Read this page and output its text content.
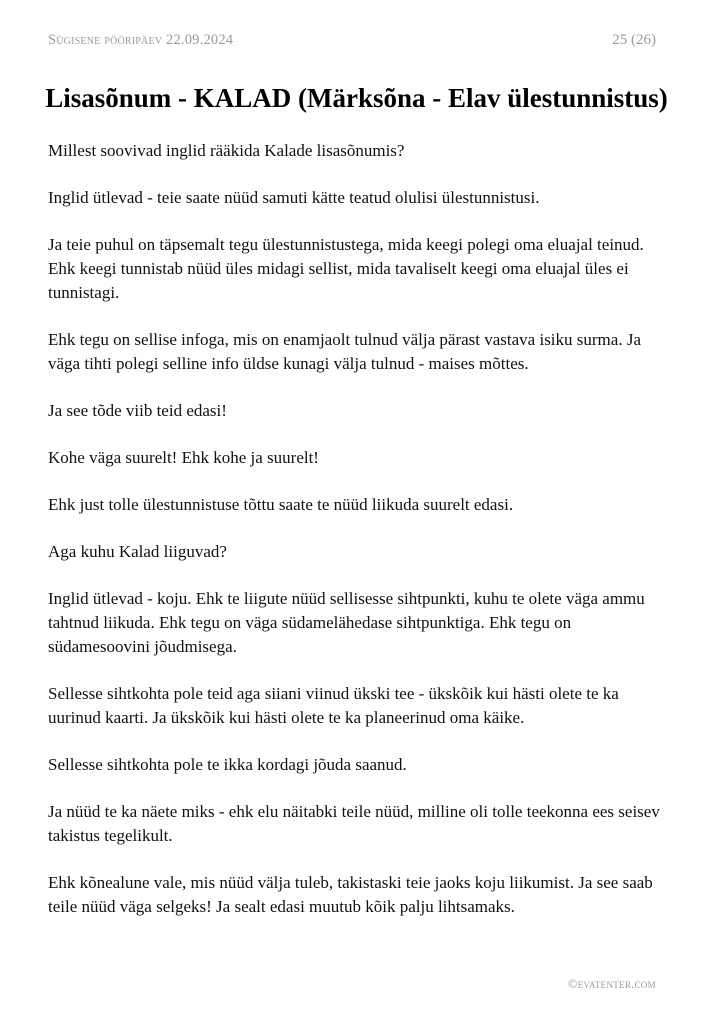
Sügisene pööripäev 22.09.2024	25 (26)
Lisasõnum - KALAD (Märksõna - Elav ülestunnistus)

Millest soovivad inglid rääkida Kalade lisasõnumis?

Inglid ütlevad - teie saate nüüd samuti kätte teatud olulisi ülestunnistusi.

Ja teie puhul on täpsemalt tegu ülestunnistustega, mida keegi polegi oma eluajal teinud. Ehk keegi tunnistab nüüd üles midagi sellist, mida tavaliselt keegi oma eluajal üles ei tunnistagi.

Ehk tegu on sellise infoga, mis on enamjaolt tulnud välja pärast vastava isiku surma. Ja väga tihti polegi selline info üldse kunagi välja tulnud - maises mõttes.

Ja see tõde viib teid edasi!

Kohe väga suurelt! Ehk kohe ja suurelt!

Ehk just tolle ülestunnistuse tõttu saate te nüüd liikuda suurelt edasi.

Aga kuhu Kalad liiguvad?

Inglid ütlevad - koju. Ehk te liigute nüüd sellisesse sihtpunkti, kuhu te olete väga ammu tahtnud liikuda. Ehk tegu on väga südamelähedase sihtpunktiga. Ehk tegu on südamesoovini jõudmisega.

Sellesse sihtkohta pole teid aga siiani viinud ükski tee - ükskõik kui hästi olete te ka uurinud kaarti. Ja ükskõik kui hästi olete te ka planeerinud oma käike.

Sellesse sihtkohta pole te ikka kordagi jõuda saanud.

Ja nüüd te ka näete miks - ehk elu näitabki teile nüüd, milline oli tolle teekonna ees seisev takistus tegelikult.

Ehk kõnealune vale, mis nüüd välja tuleb, takistaski teie jaoks koju liikumist. Ja see saab teile nüüd väga selgeks! Ja sealt edasi muutub kõik palju lihtsamaks.

©evatenter.com
